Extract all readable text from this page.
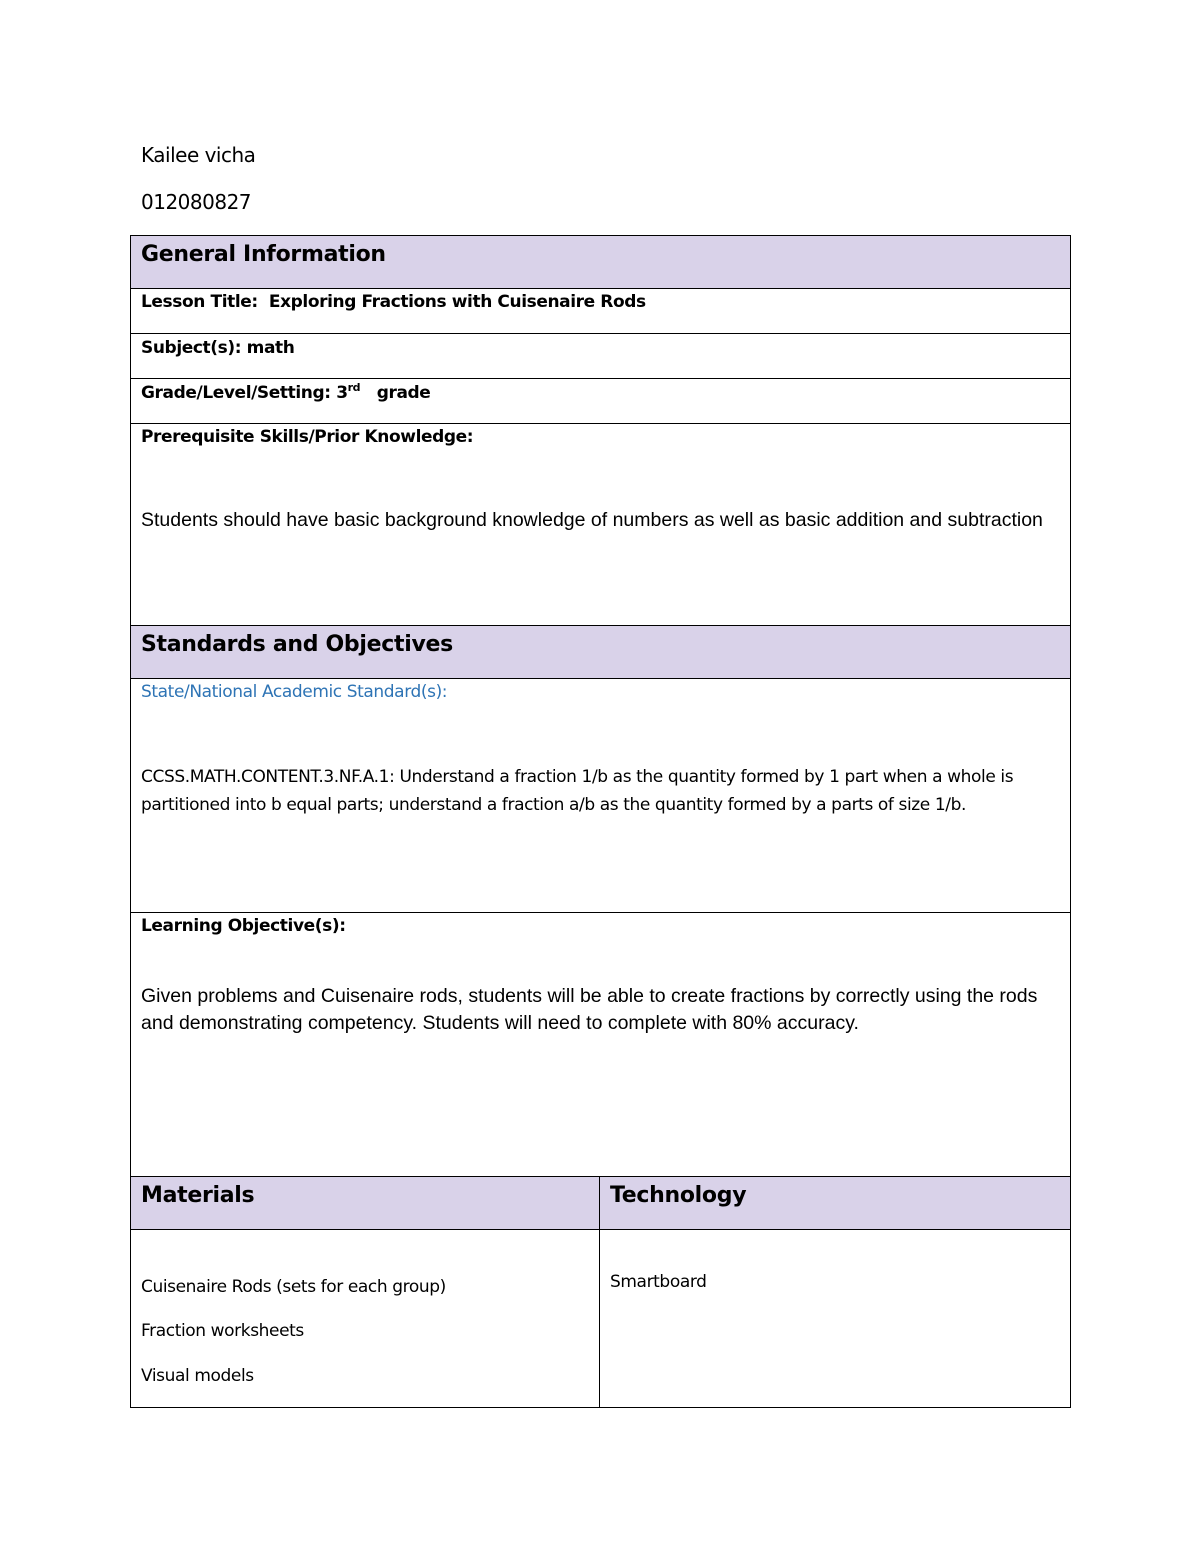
Kailee vicha
012080827
General Information	
Lesson Title: Exploring Fractions with Cuisenaire Rods	
Subject(s): math	
Grade/Level/Setting: 3rd grade	

Prerequisite Skills/Prior Knowledge:
Students should have basic background knowledge of numbers as well as basic addition and subtraction	

Standards and Objectives	

State/National Academic Standard(s):
CCSS.MATH.CONTENT.3.NF.A.1: Understand a fraction 1/b as the quantity formed by 1 part when a whole is partitioned into b equal parts; understand a fraction a/b as the quantity formed by a parts of size 1/b.	

Learning Objective(s):
Given problems and Cuisenaire rods, students will be able to create fractions by correctly using the rods and demonstrating competency. Students will need to complete with 80% accuracy.	

Materials	Technology

Cuisenaire Rods (sets for each group)

Fraction worksheets

Visual models	Smartboard
